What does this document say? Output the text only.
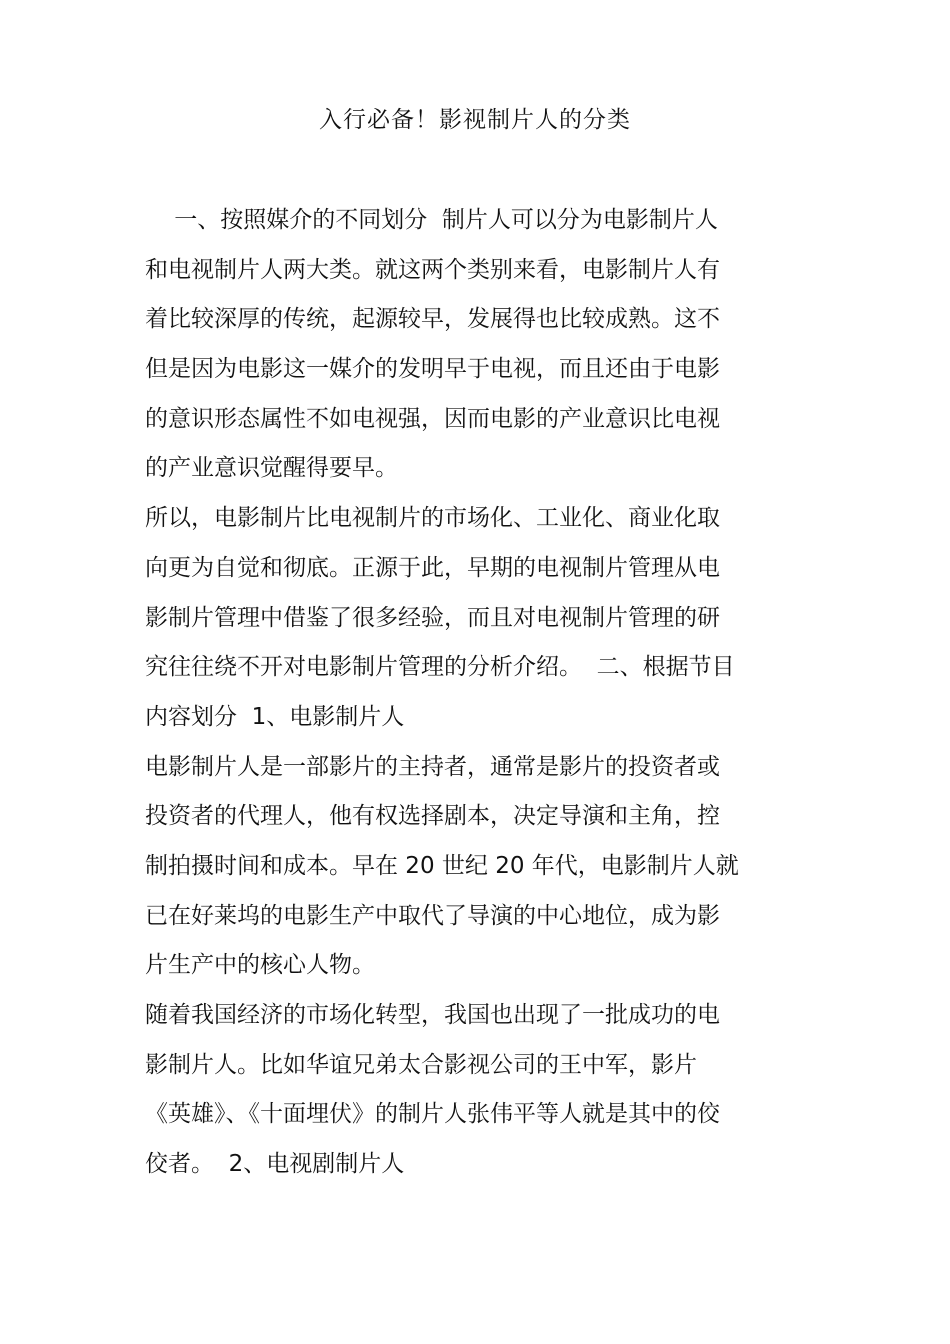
入行必备！影视制片人的分类
一、按照媒介的不同划分  制片人可以分为电影制片人
和电视制片人两大类。就这两个类别来看，电影制片人有
着比较深厚的传统，起源较早，发展得也比较成熟。这不
但是因为电影这一媒介的发明早于电视，而且还由于电影
的意识形态属性不如电视强，因而电影的产业意识比电视
的产业意识觉醒得要早。
所以，电影制片比电视制片的市场化、工业化、商业化取
向更为自觉和彻底。正源于此，早期的电视制片管理从电
影制片管理中借鉴了很多经验，而且对电视制片管理的研
究往往绕不开对电影制片管理的分析介绍。  二、根据节目
内容划分  1、电影制片人
电影制片人是一部影片的主持者，通常是影片的投资者或
投资者的代理人，他有权选择剧本，决定导演和主角，控
制拍摄时间和成本。早在 20 世纪 20 年代，电影制片人就
已在好莱坞的电影生产中取代了导演的中心地位，成为影
片生产中的核心人物。
随着我国经济的市场化转型，我国也出现了一批成功的电
影制片人。比如华谊兄弟太合影视公司的王中军，影片
《英雄》、《十面埋伏》的制片人张伟平等人就是其中的佼
佼者。  2、电视剧制片人
